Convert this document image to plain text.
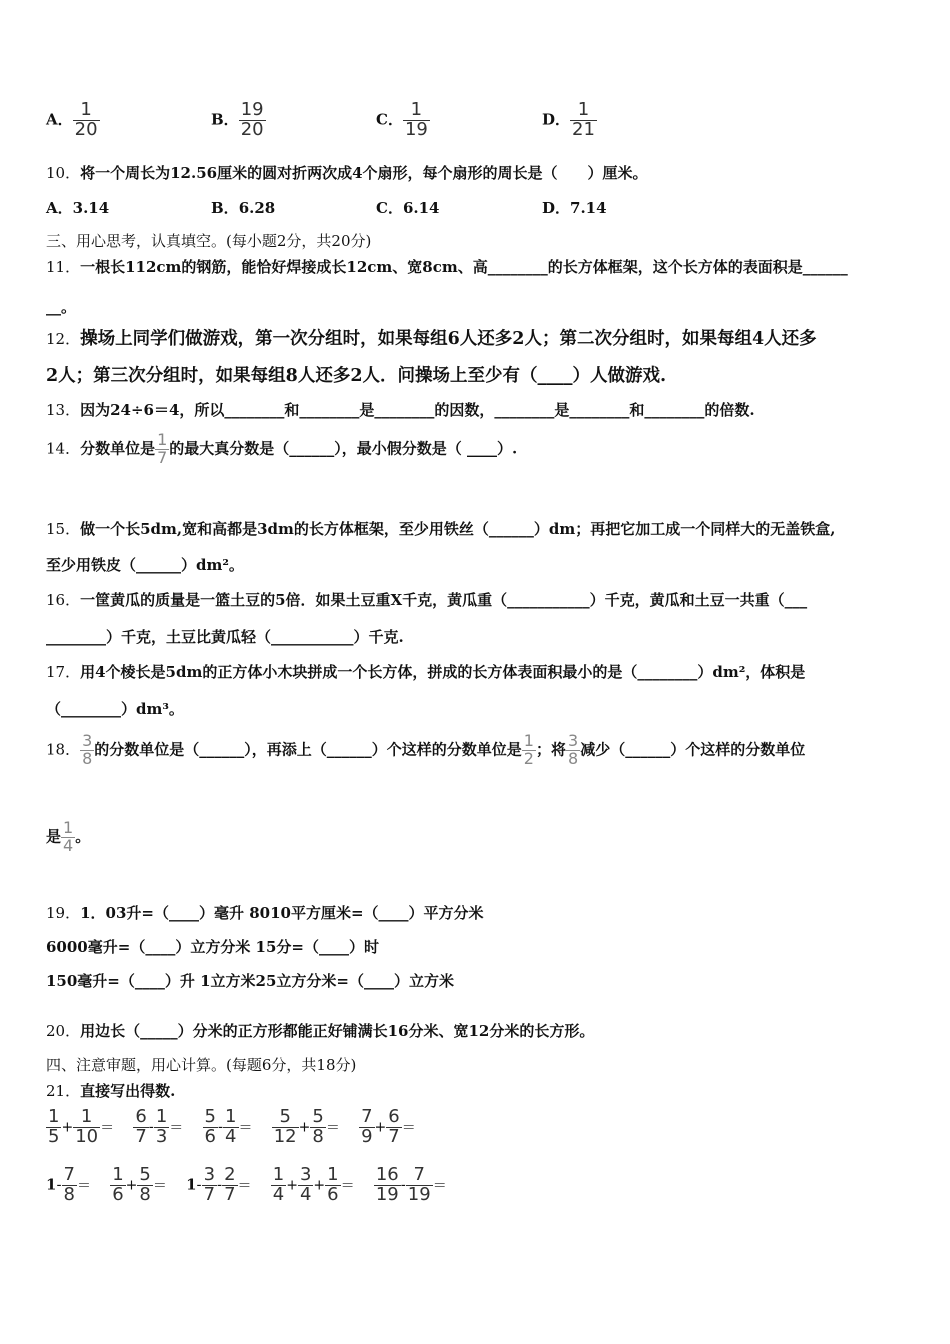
A． $\frac{1}{20}$	B． $\frac{19}{20}$	C． $\frac{1}{19}$	D． $\frac{1}{21}$
10．将一个周长为12.56厘米的圆对折两次成4个扇形，每个扇形的周长是（　　）厘米。
A．3.14	B．6.28	C．6.14	D．7.14
三、用心思考，认真填空。(每小题2分，共20分)
11．一根长112cm的钢筋，能恰好焊接成长12cm、宽8cm、高________的长方体框架，这个长方体的表面积是______
__。
12．操场上同学们做游戏，第一次分组时，如果每组6人还多2人；第二次分组时，如果每组4人还多
2人；第三次分组时，如果每组8人还多2人．问操场上至少有（____）人做游戏.
13．因为24÷6＝4，所以________和________是________的因数，________是________和________的倍数.
14．分数单位是 $\frac{1}{7}$ 的最大真分数是（______），最小假分数是（ ____）.
15．做一个长5dm,宽和高都是3dm的长方体框架，至少用铁丝（______）dm；再把它加工成一个同样大的无盖铁盒,
至少用铁皮（______）dm²。
16．一筐黄瓜的质量是一篮土豆的5倍．如果土豆重X千克，黄瓜重（___________）千克，黄瓜和土豆一共重（___
________）千克，土豆比黄瓜轻（___________）千克.
17．用4个棱长是5dm的正方体小木块拼成一个长方体，拼成的长方体表面积最小的是（________）dm²，体积是
（________）dm³。
18． $\frac{3}{8}$ 的分数单位是（______），再添上（______）个这样的分数单位是 $\frac{1}{2}$ ；将 $\frac{3}{8}$ 减少（______）个这样的分数单位
是 $\frac{1}{4}$ 。
19．1．03升=（____）毫升 8010平方厘米=（____）平方分米
6000毫升=（____）立方分米 15分=（____）时
150毫升=（____）升 1立方米25立方分米=（____）立方米
20．用边长（_____）分米的正方形都能正好铺满长16分米、宽12分米的长方形。
四、注意审题，用心计算。(每题6分，共18分)
21．直接写出得数.
$\frac{1}{5} + \frac{1}{10} = \frac{6}{7} - \frac{1}{3} = \frac{5}{6} - \frac{1}{4} = \frac{5}{12} + \frac{5}{8} = \frac{7}{9} + \frac{6}{7}$ ＝
$1- \frac{7}{8} = \frac{1}{6} + \frac{5}{8} = 1- \frac{3}{7} - \frac{2}{7} = \frac{1}{4} + \frac{3}{4} + \frac{1}{6} = \frac{16}{19} - \frac{7}{19}$ ＝
